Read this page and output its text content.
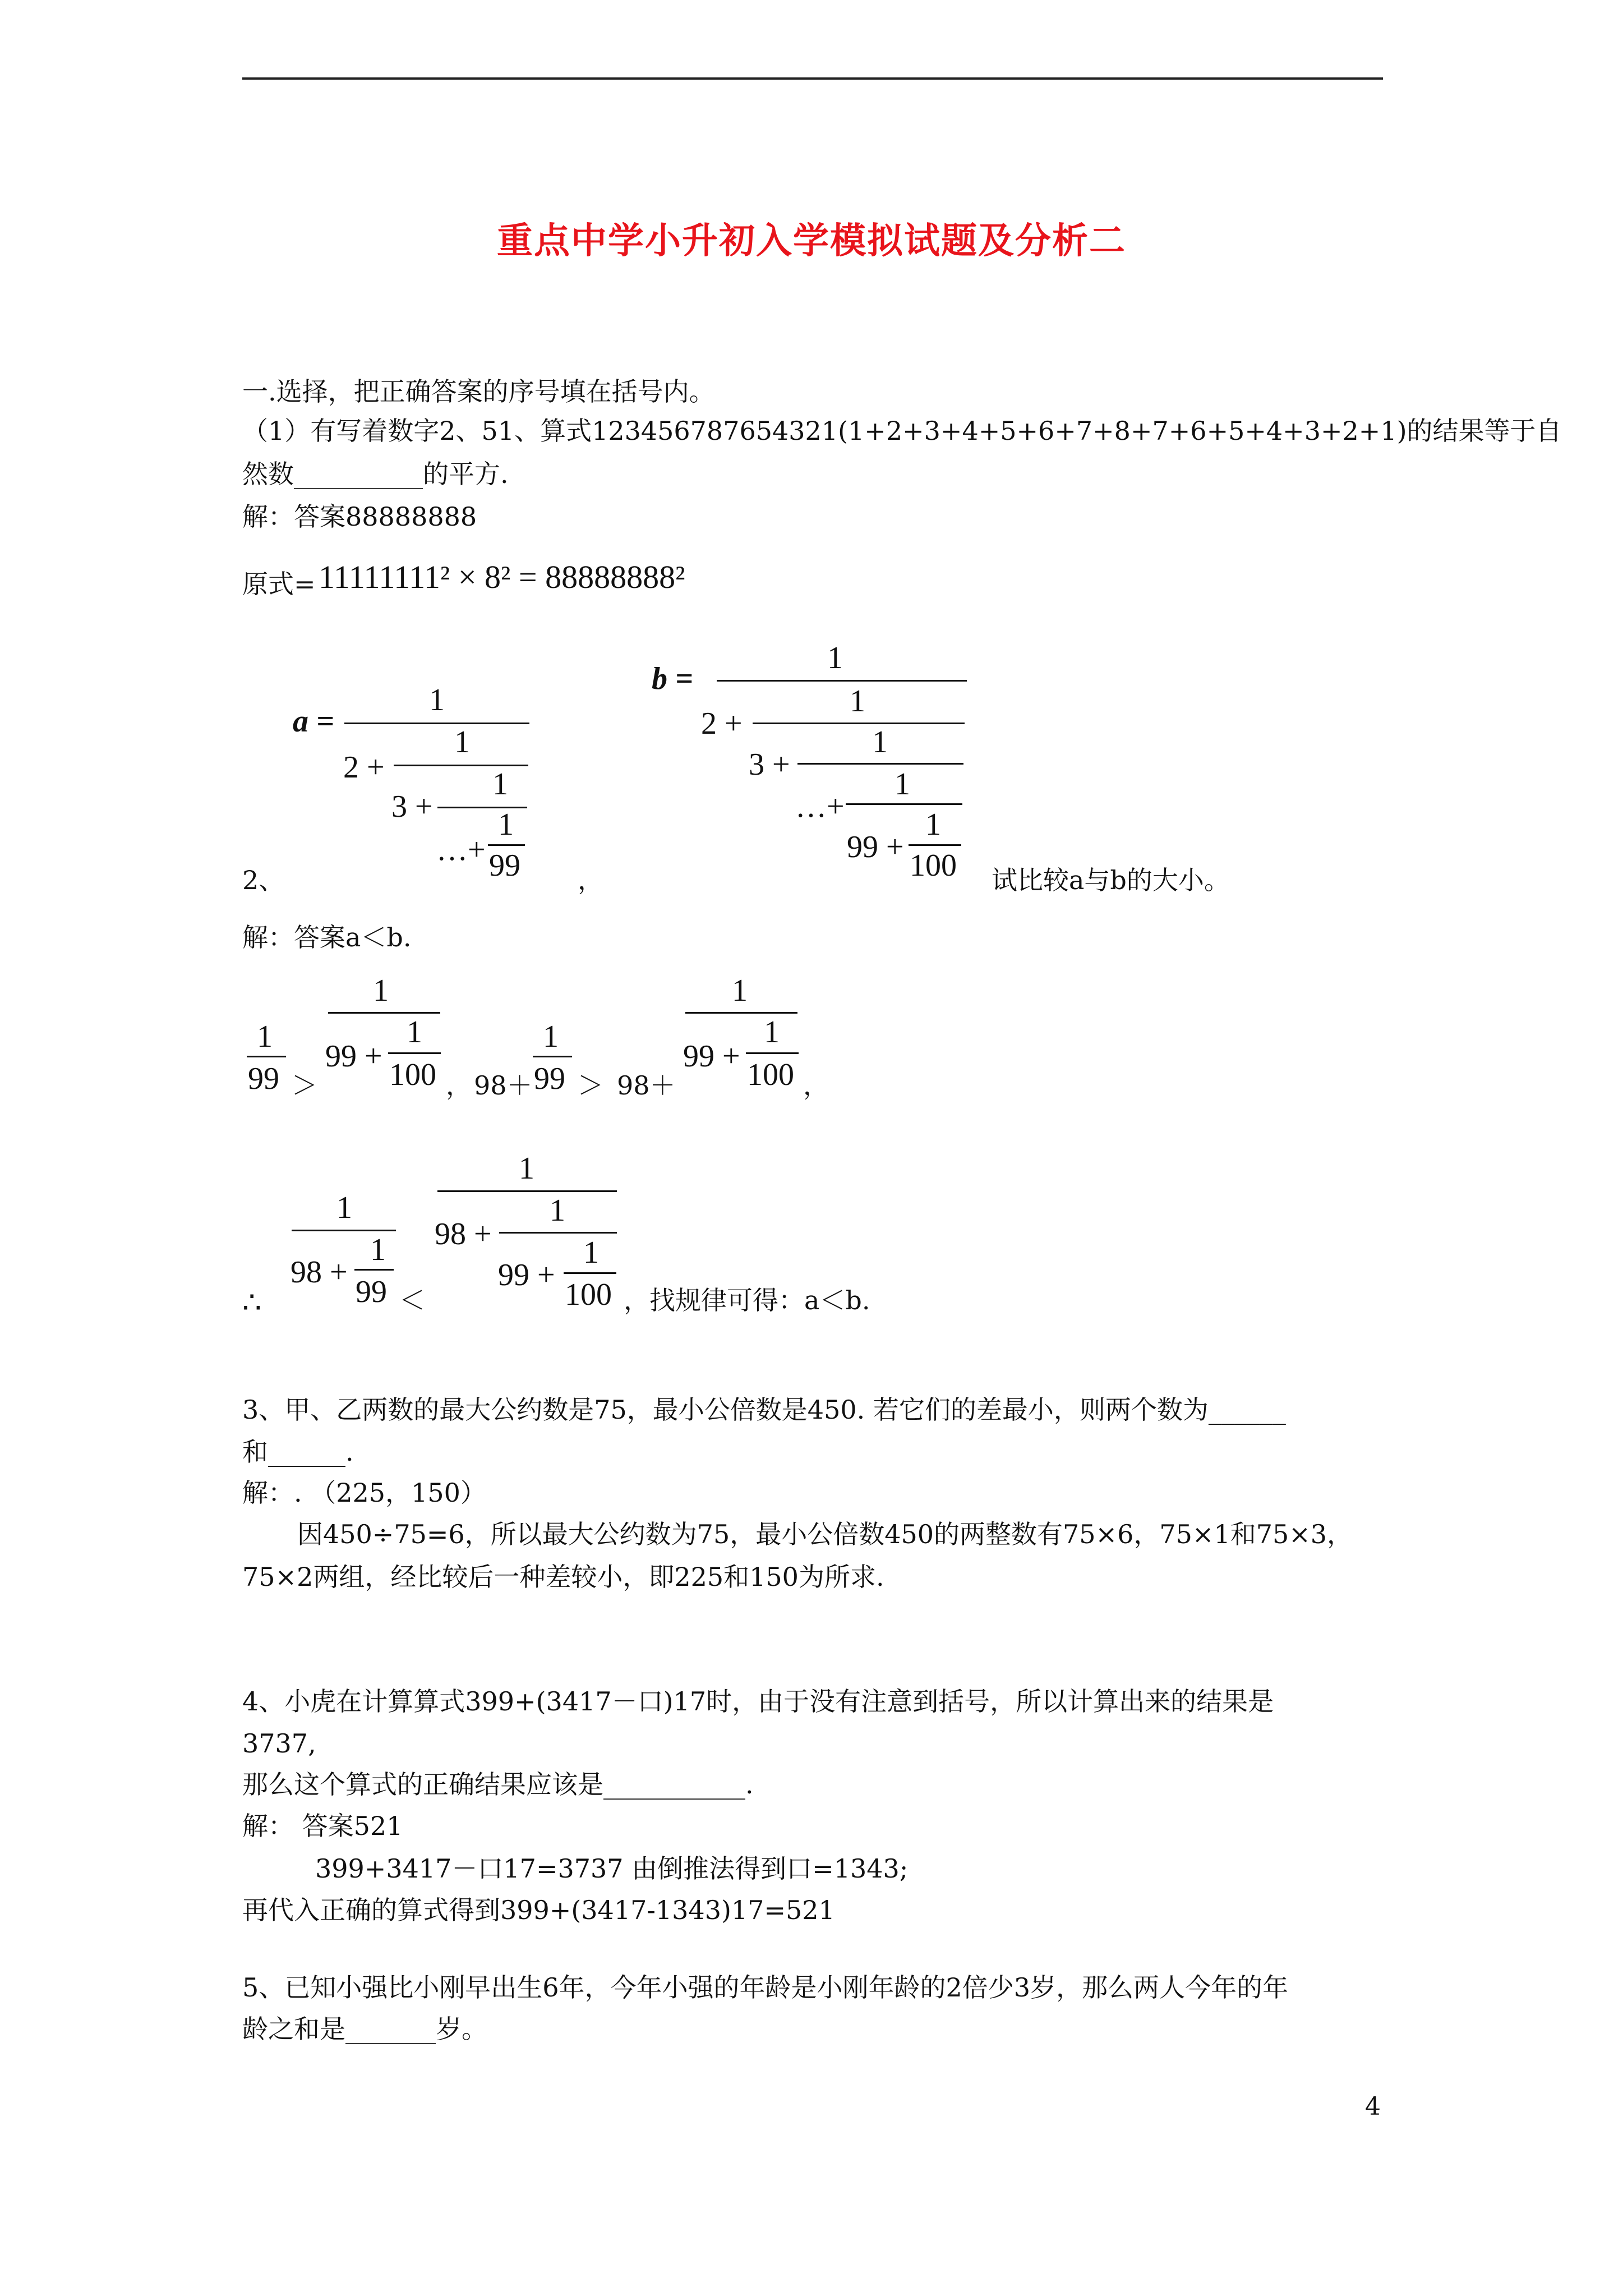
重点中学小升初入学模拟试题及分析二
一.选择，把正确答案的序号填在括号内。
（1）有写着数字2、51、算式123456787654321(1+2+3+4+5+6+7+8+7+6+5+4+3+2+1)的结果等于自
然数__________的平方.
解：答案88888888
原式= 11111111² × 8² = 88888888²
a =
1
2 +
1
3 +
1
…+
1
99
2、	，
b =
1
2 +
1
3 +
1
…+
1
99 +
1
100 试比较a与b的大小。
解：答案a＜b.
1
99 ＞
1
99 +
1
100 ， 98＋
1
99 ＞ 98＋
1
99 +
1
100 ，
1
98 +
1
99
∴	＜
1
98 +
1
99 +
1
100 ，找规律可得：a＜b.
3、甲、乙两数的最大公约数是75，最小公倍数是450. 若它们的差最小，则两个数为______
和______.
解：. （225，150）
因450÷75=6，所以最大公约数为75，最小公倍数450的两整数有75×6，75×1和75×3，
75×2两组，经比较后一种差较小，即225和150为所求.
4、小虎在计算算式399+(3417－口)17时，由于没有注意到括号，所以计算出来的结果是
3737,
那么这个算式的正确结果应该是___________.
解： 答案521
399+3417－口17=3737 由倒推法得到口=1343;
再代入正确的算式得到399+(3417-1343)17=521
5、已知小强比小刚早出生6年，今年小强的年龄是小刚年龄的2倍少3岁，那么两人今年的年
龄之和是_______岁。
4
